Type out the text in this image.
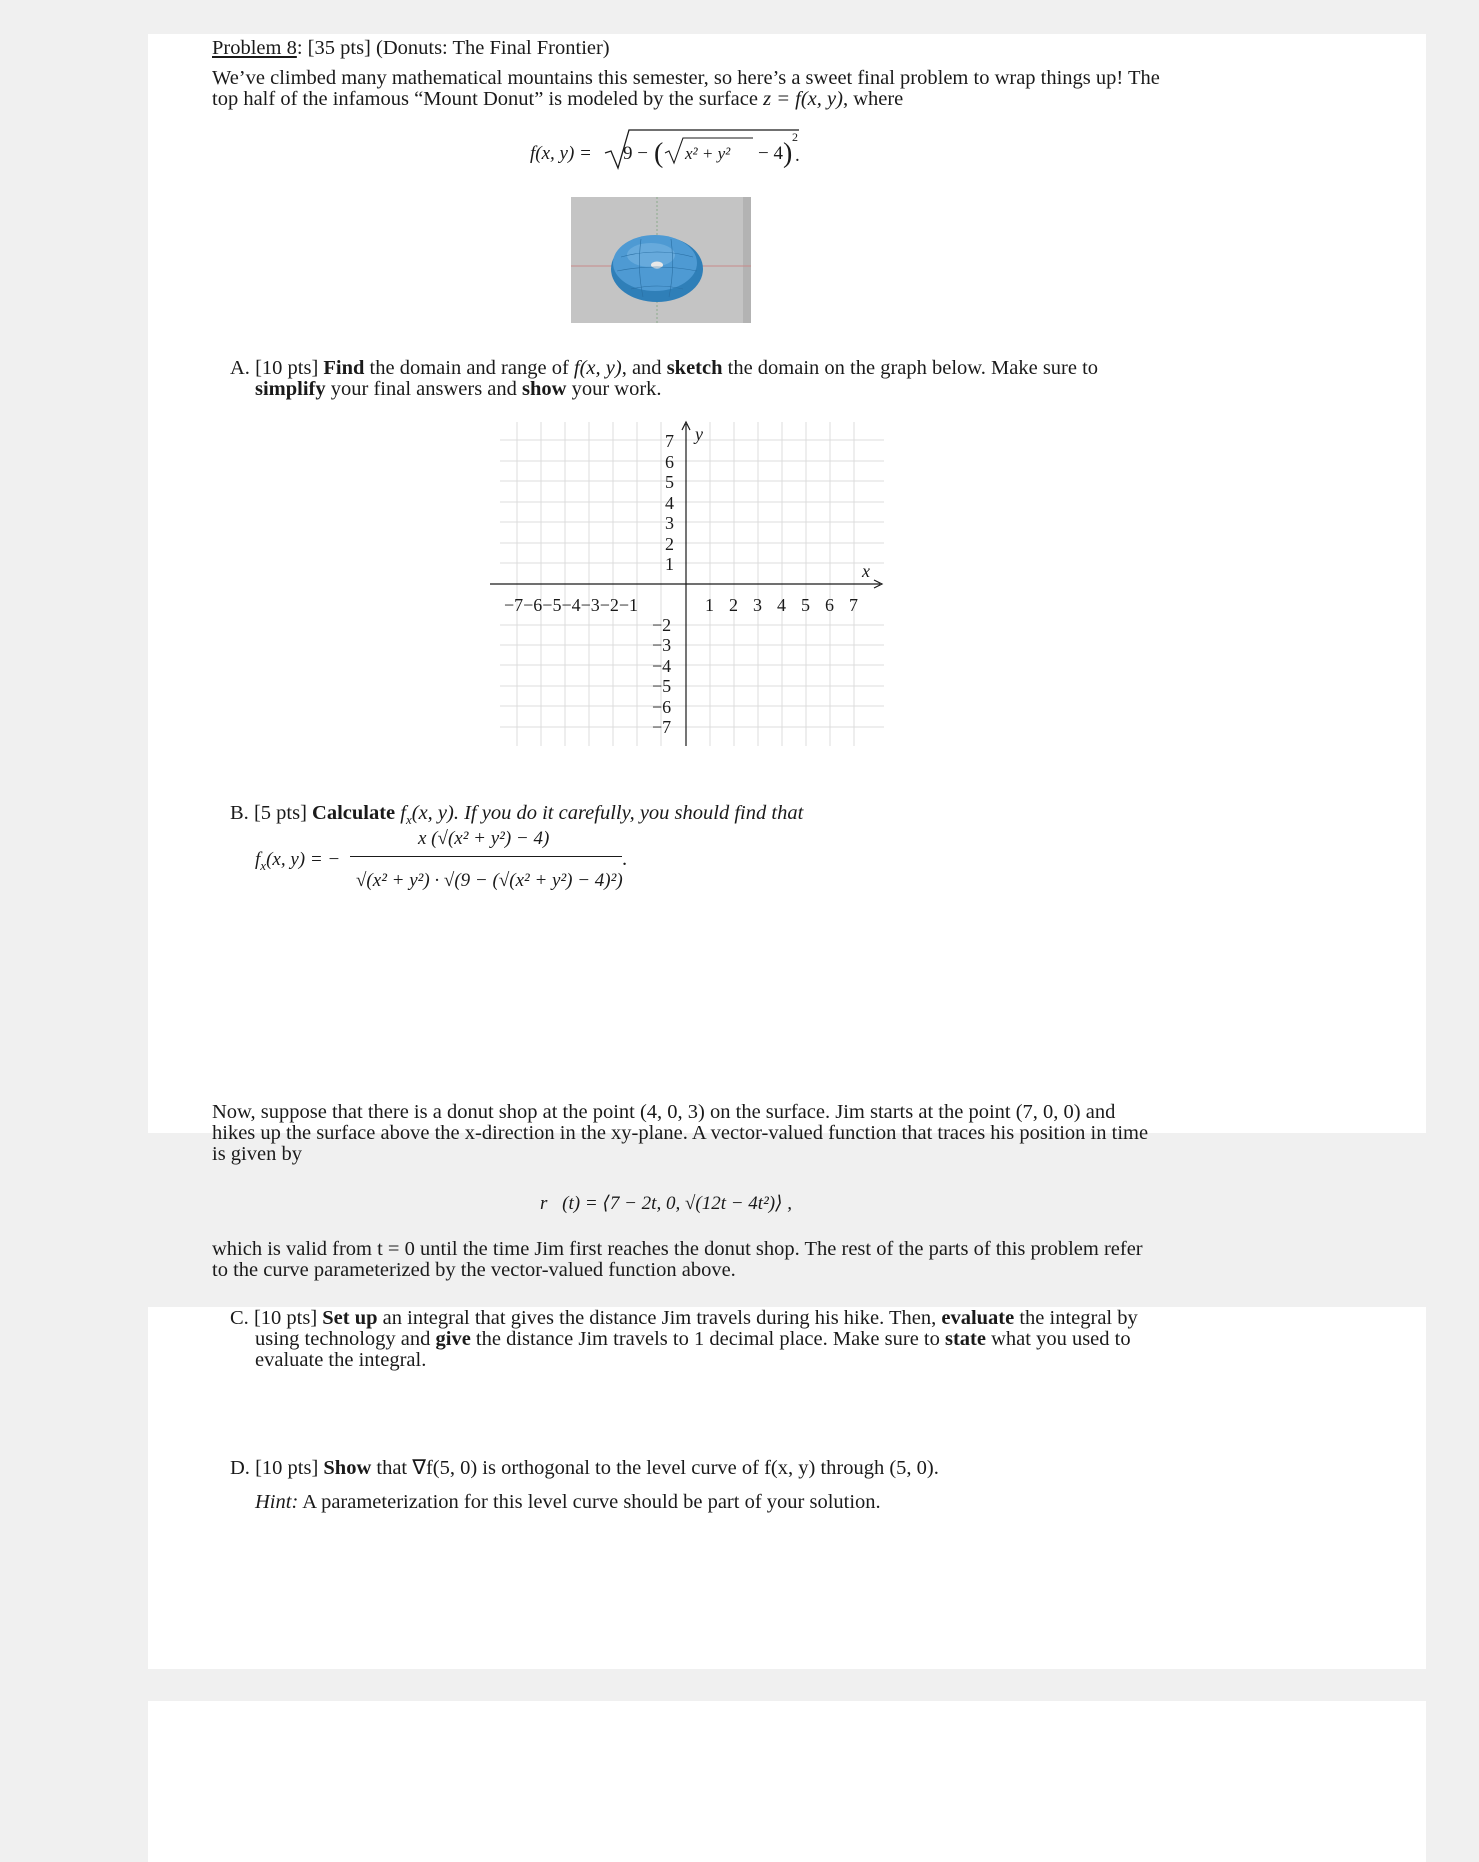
Problem 8: [35 pts] (Donuts: The Final Frontier)
We’ve climbed many mathematical mountains this semester, so here’s a sweet final problem to wrap things up! The
top half of the infamous “Mount Donut” is modeled by the surface z = f(x, y), where
f(x, y) = 9 − ( x² + y² − 4 )
2
.
A. [10 pts] Find the domain and range of f(x, y), and sketch the domain on the graph below. Make sure to
simplify your final answers and show your work.
x
y
−7−6−5−4−3−2−1	1 2 3 4 5 6 7
7
6
5
4
3
2
1
−2
−3
−4
−5
−6
−7
B. [5 pts] Calculate $f_x(x$, y). If you do it carefully, you should find that
$f_x(x$, y) = −
x (√(x² + y²) − 4)
√(x² + y²) · √(9 − (√(x² + y²) − 4)²)
.
Now, suppose that there is a donut shop at the point (4, 0, 3) on the surface. Jim starts at the point (7, 0, 0) and
hikes up the surface above the x-direction in the xy-plane. A vector-valued function that traces his position in time
is given by
r⃗(t) = ⟨7 − 2t, 0, √(12t − 4t²)⟩ ,
which is valid from t = 0 until the time Jim first reaches the donut shop. The rest of the parts of this problem refer
to the curve parameterized by the vector-valued function above.
C. [10 pts] Set up an integral that gives the distance Jim travels during his hike. Then, evaluate the integral by
using technology and give the distance Jim travels to 1 decimal place. Make sure to state what you used to
evaluate the integral.
D. [10 pts] Show that ∇f(5, 0) is orthogonal to the level curve of f(x, y) through (5, 0).
Hint: A parameterization for this level curve should be part of your solution.
